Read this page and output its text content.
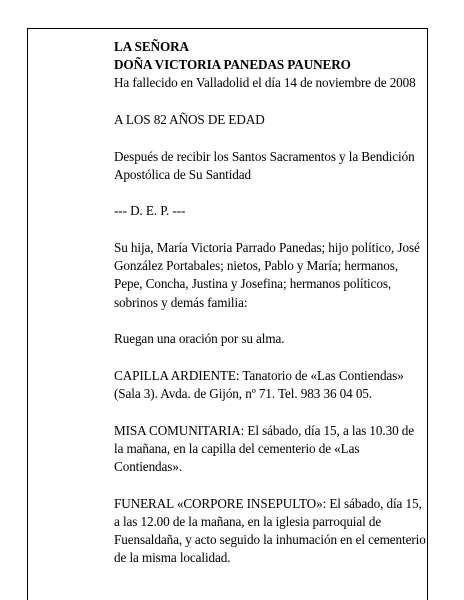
LA SEÑORA

DOÑA VICTORIA PANEDAS PAUNERO

Ha fallecido en Valladolid el día 14 de noviembre de 2008

A LOS 82 AÑOS DE EDAD

Después de recibir los Santos Sacramentos y la Bendición Apostólica de Su Santidad

--- D. E. P. ---

Su hija, María Victoria Parrado Panedas; hijo político, José González Portabales; nietos, Pablo y María; hermanos, Pepe, Concha, Justina y Josefina; hermanos políticos, sobrinos y demás familia:

Ruegan una oración por su alma.

CAPILLA ARDIENTE: Tanatorio de «Las Contiendas» (Sala 3). Avda. de Gijón, nº 71. Tel. 983 36 04 05.

MISA COMUNITARIA: El sábado, día 15, a las 10.30 de la mañana, en la capilla del cementerio de «Las Contiendas».

FUNERAL «CORPORE INSEPULTO»: El sábado, día 15, a las 12.00 de la mañana, en la iglesia parroquial de Fuensaldaña, y acto seguido la inhumación en el cementerio de la misma localidad.
